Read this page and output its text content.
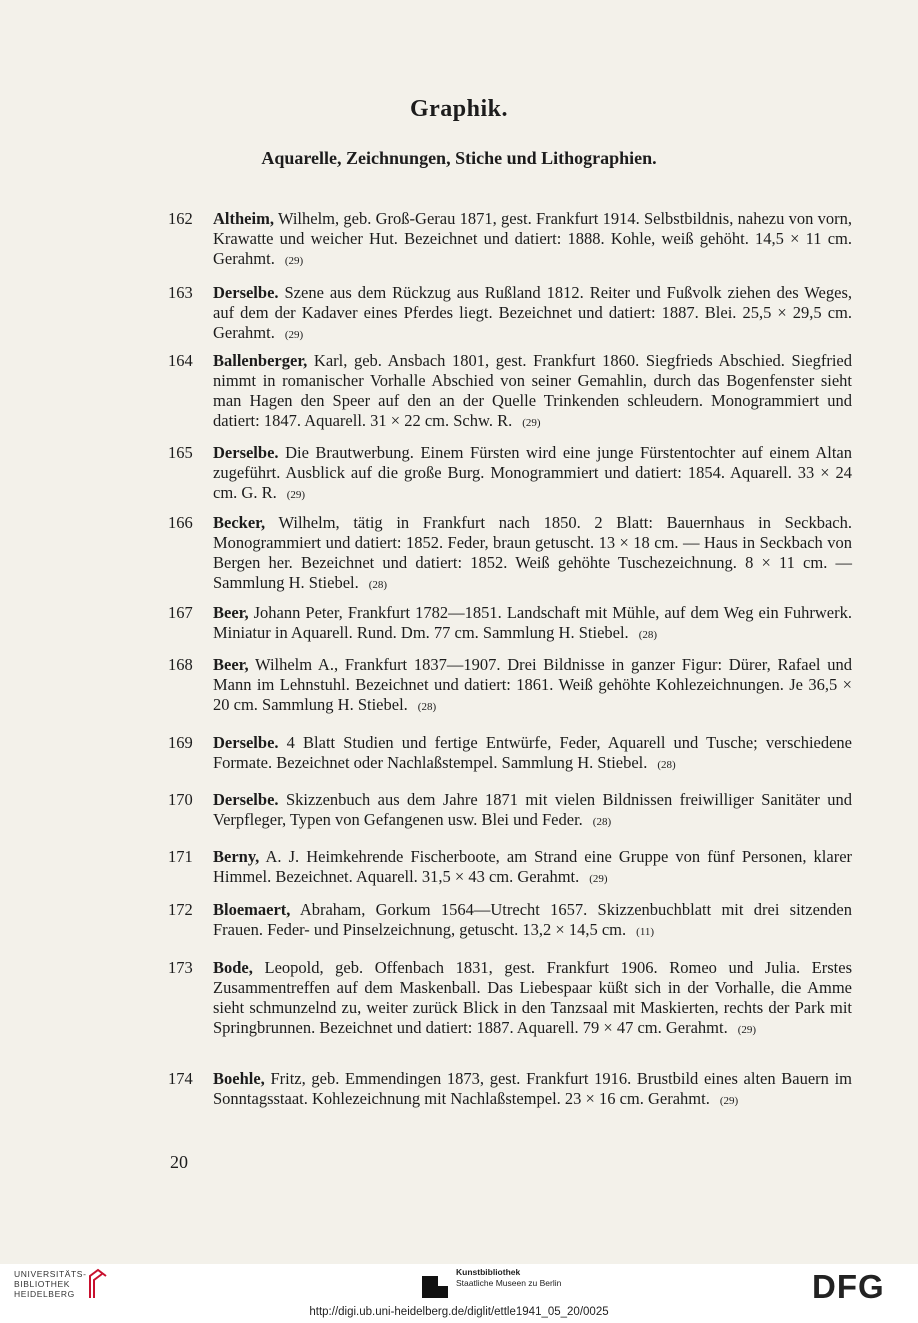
Graphik.
Aquarelle, Zeichnungen, Stiche und Lithographien.
162	Altheim, Wilhelm, geb. Groß-Gerau 1871, gest. Frankfurt 1914. Selbstbildnis, nahezu von vorn, Krawatte und weicher Hut. Bezeichnet und datiert: 1888. Kohle, weiß gehöht. 14,5 × 11 cm. Gerahmt. (29)
163	Derselbe. Szene aus dem Rückzug aus Rußland 1812. Reiter und Fußvolk ziehen des Weges, auf dem der Kadaver eines Pferdes liegt. Bezeichnet und datiert: 1887. Blei. 25,5 × 29,5 cm. Gerahmt. (29)
164	Ballenberger, Karl, geb. Ansbach 1801, gest. Frankfurt 1860. Siegfrieds Abschied. Siegfried nimmt in romanischer Vorhalle Abschied von seiner Gemahlin, durch das Bogenfenster sieht man Hagen den Speer auf den an der Quelle Trinkenden schleudern. Monogrammiert und datiert: 1847. Aquarell. 31 × 22 cm. Schw. R. (29)
165	Derselbe. Die Brautwerbung. Einem Fürsten wird eine junge Fürstentochter auf einem Altan zugeführt. Ausblick auf die große Burg. Monogrammiert und datiert: 1854. Aquarell. 33 × 24 cm. G. R. (29)
166	Becker, Wilhelm, tätig in Frankfurt nach 1850. 2 Blatt: Bauernhaus in Seckbach. Monogrammiert und datiert: 1852. Feder, braun getuscht. 13 × 18 cm. — Haus in Seckbach von Bergen her. Bezeichnet und datiert: 1852. Weiß gehöhte Tuschezeichnung. 8 × 11 cm. — Sammlung H. Stiebel. (28)
167	Beer, Johann Peter, Frankfurt 1782—1851. Landschaft mit Mühle, auf dem Weg ein Fuhrwerk. Miniatur in Aquarell. Rund. Dm. 77 cm. Sammlung H. Stiebel. (28)
168	Beer, Wilhelm A., Frankfurt 1837—1907. Drei Bildnisse in ganzer Figur: Dürer, Rafael und Mann im Lehnstuhl. Bezeichnet und datiert: 1861. Weiß gehöhte Kohlezeichnungen. Je 36,5 × 20 cm. Sammlung H. Stiebel. (28)
169	Derselbe. 4 Blatt Studien und fertige Entwürfe, Feder, Aquarell und Tusche; verschiedene Formate. Bezeichnet oder Nachlaßstempel. Sammlung H. Stiebel. (28)
170	Derselbe. Skizzenbuch aus dem Jahre 1871 mit vielen Bildnissen freiwilliger Sanitäter und Verpfleger, Typen von Gefangenen usw. Blei und Feder. (28)
171	Berny, A. J. Heimkehrende Fischerboote, am Strand eine Gruppe von fünf Personen, klarer Himmel. Bezeichnet. Aquarell. 31,5 × 43 cm. Gerahmt. (29)
172	Bloemaert, Abraham, Gorkum 1564—Utrecht 1657. Skizzenbuchblatt mit drei sitzenden Frauen. Feder- und Pinselzeichnung, getuscht. 13,2 × 14,5 cm. (11)
173	Bode, Leopold, geb. Offenbach 1831, gest. Frankfurt 1906. Romeo und Julia. Erstes Zusammentreffen auf dem Maskenball. Das Liebespaar küßt sich in der Vorhalle, die Amme sieht schmunzelnd zu, weiter zurück Blick in den Tanzsaal mit Maskierten, rechts der Park mit Springbrunnen. Bezeichnet und datiert: 1887. Aquarell. 79 × 47 cm. Gerahmt. (29)
174	Boehle, Fritz, geb. Emmendingen 1873, gest. Frankfurt 1916. Brustbild eines alten Bauern im Sonntagsstaat. Kohlezeichnung mit Nachlaßstempel. 23 × 16 cm. Gerahmt. (29)
20
UNIVERSITÄTS-
BIBLIOTHEK
HEIDELBERG
Kunstbibliothek
Staatliche Museen zu Berlin	DFG
http://digi.ub.uni-heidelberg.de/diglit/ettle1941_05_20/0025
